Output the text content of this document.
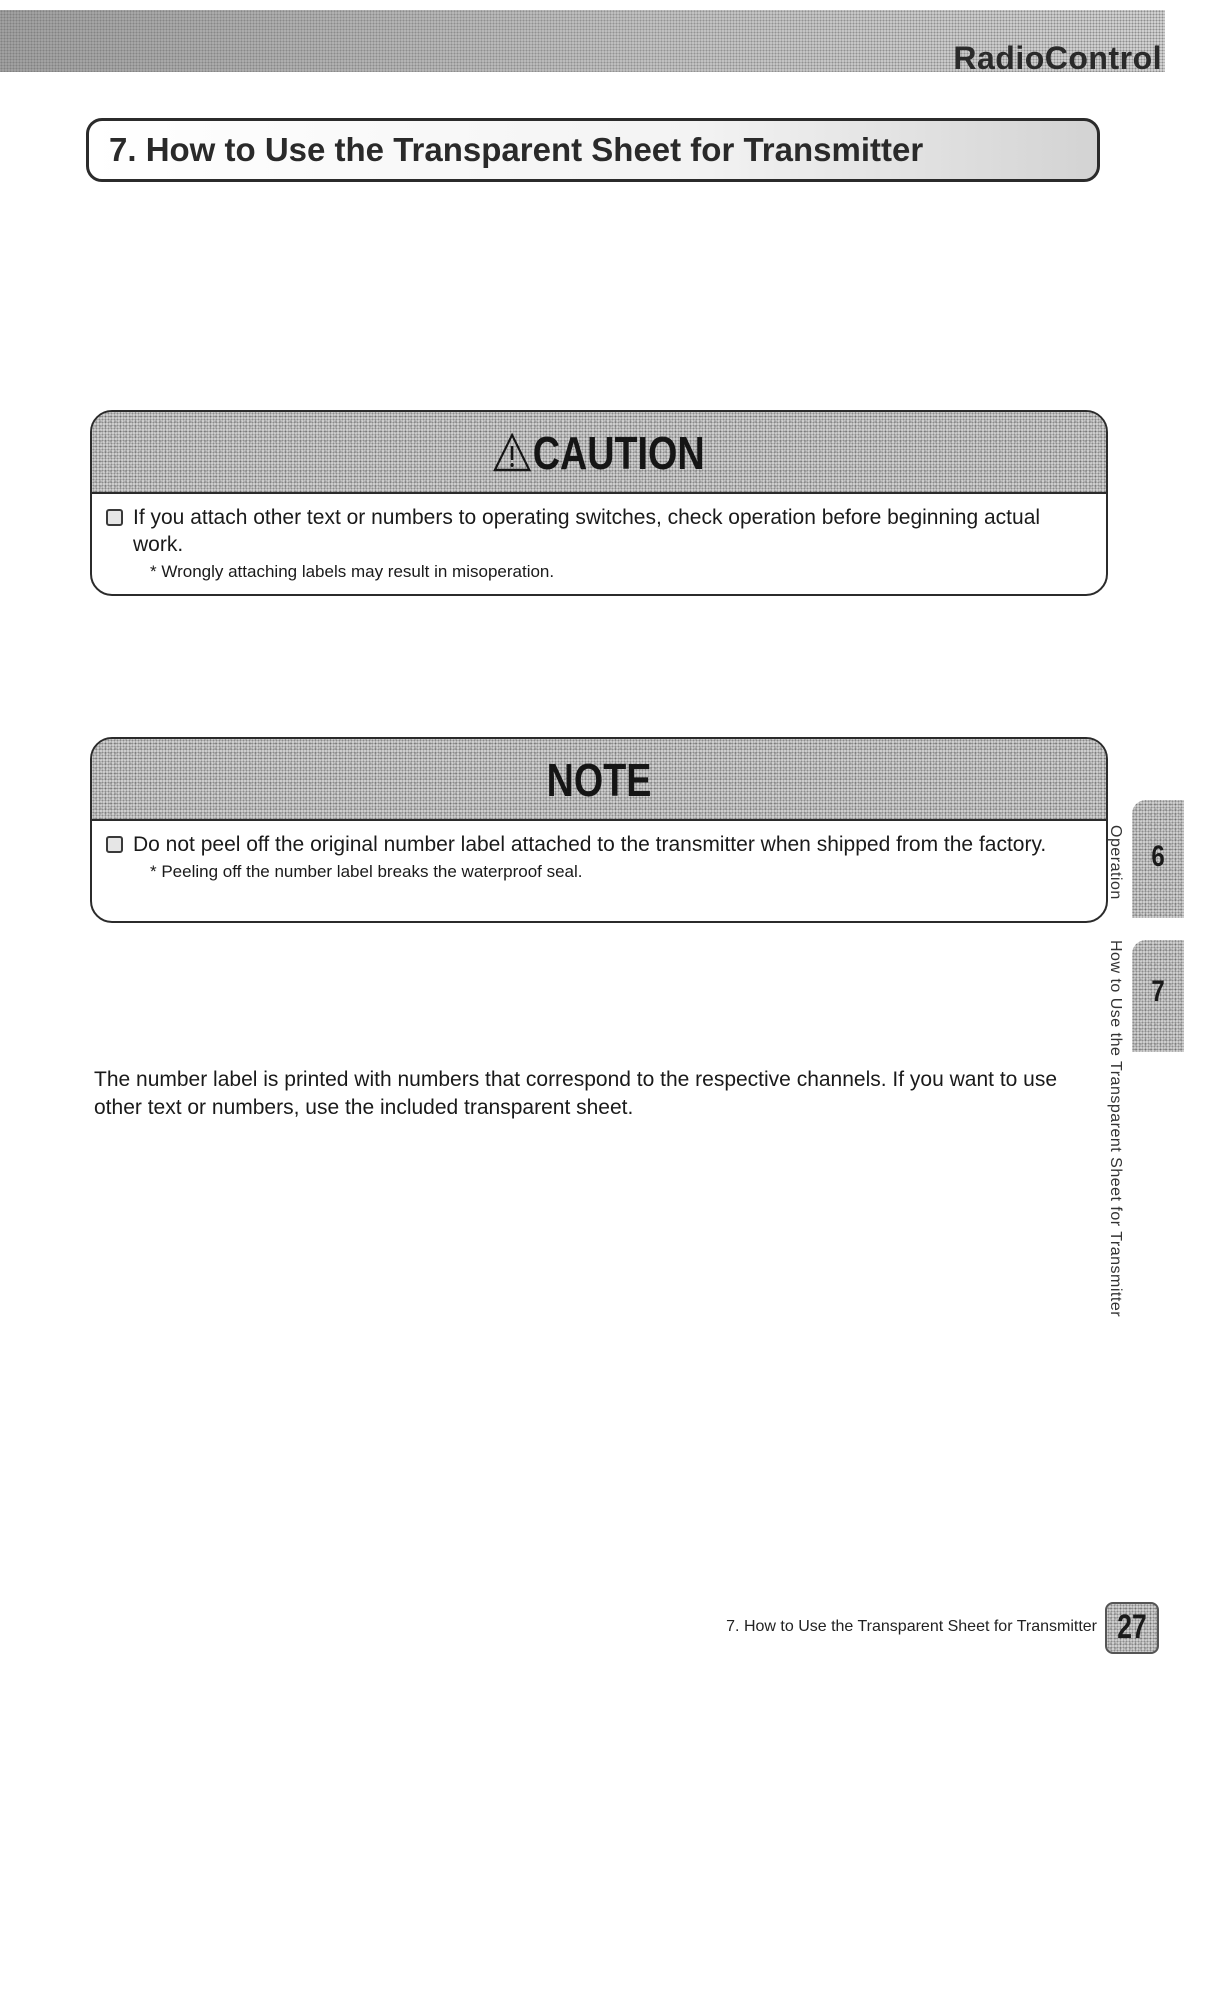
RadioControl
7. How to Use the Transparent Sheet for Transmitter
CAUTION
If you attach other text or numbers to operating switches, check operation before beginning actual work.
* Wrongly attaching labels may result in misoperation.
NOTE
Do not peel off the original number label attached to the transmitter when shipped from the factory.
* Peeling off the number label breaks the waterproof seal.
The number label is printed with numbers that correspond to the respective channels. If you want to use other text or numbers, use the included transparent sheet.
Operation 6
How to Use the Transparent Sheet for Transmitter 7
7. How to Use the Transparent Sheet for Transmitter 27
